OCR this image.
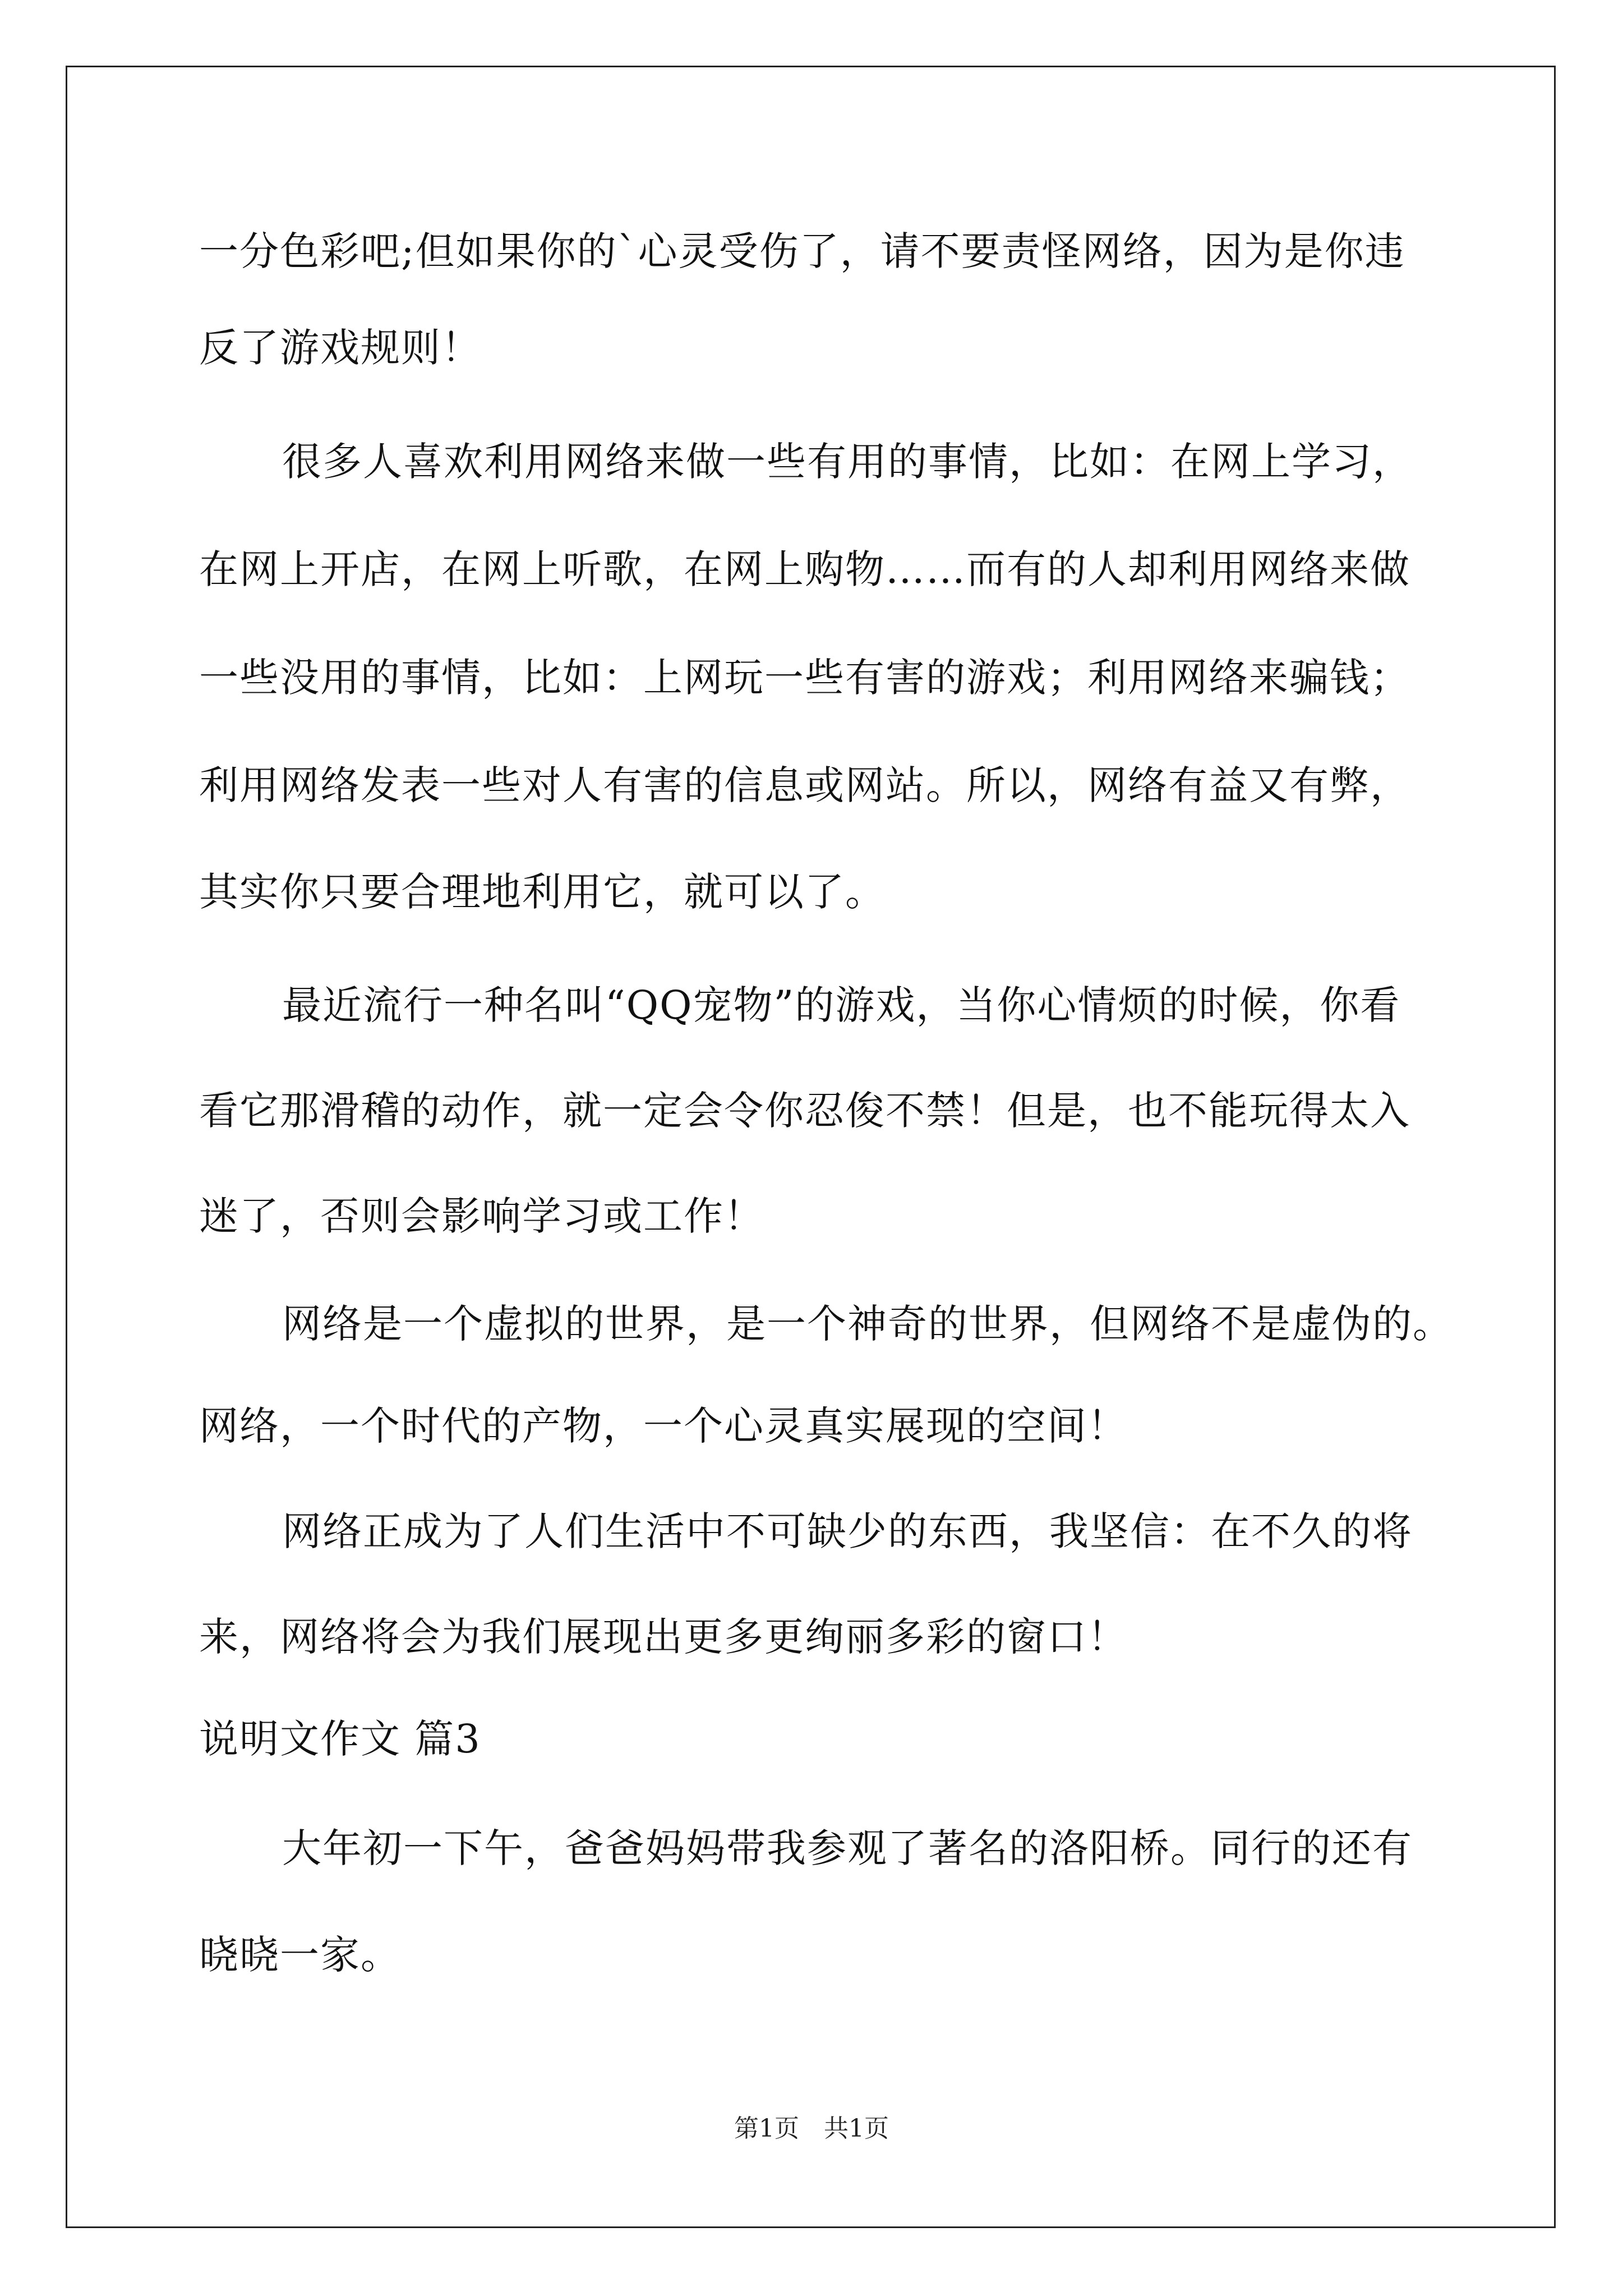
一分色彩吧;但如果你的`心灵受伤了，请不要责怪网络，因为是你违
反了游戏规则！
很多人喜欢利用网络来做一些有用的事情，比如：在网上学习，
在网上开店，在网上听歌，在网上购物……而有的人却利用网络来做
一些没用的事情，比如：上网玩一些有害的游戏；利用网络来骗钱；
利用网络发表一些对人有害的信息或网站。所以，网络有益又有弊，
其实你只要合理地利用它，就可以了。
最近流行一种名叫“QQ宠物”的游戏，当你心情烦的时候，你看
看它那滑稽的动作，就一定会令你忍俊不禁！但是，也不能玩得太入
迷了，否则会影响学习或工作！
网络是一个虚拟的世界，是一个神奇的世界，但网络不是虚伪的。
网络，一个时代的产物，一个心灵真实展现的空间！
网络正成为了人们生活中不可缺少的东西，我坚信：在不久的将
来，网络将会为我们展现出更多更绚丽多彩的窗口！
说明文作文 篇3
大年初一下午，爸爸妈妈带我参观了著名的洛阳桥。同行的还有
晓晓一家。
第1页　共1页
